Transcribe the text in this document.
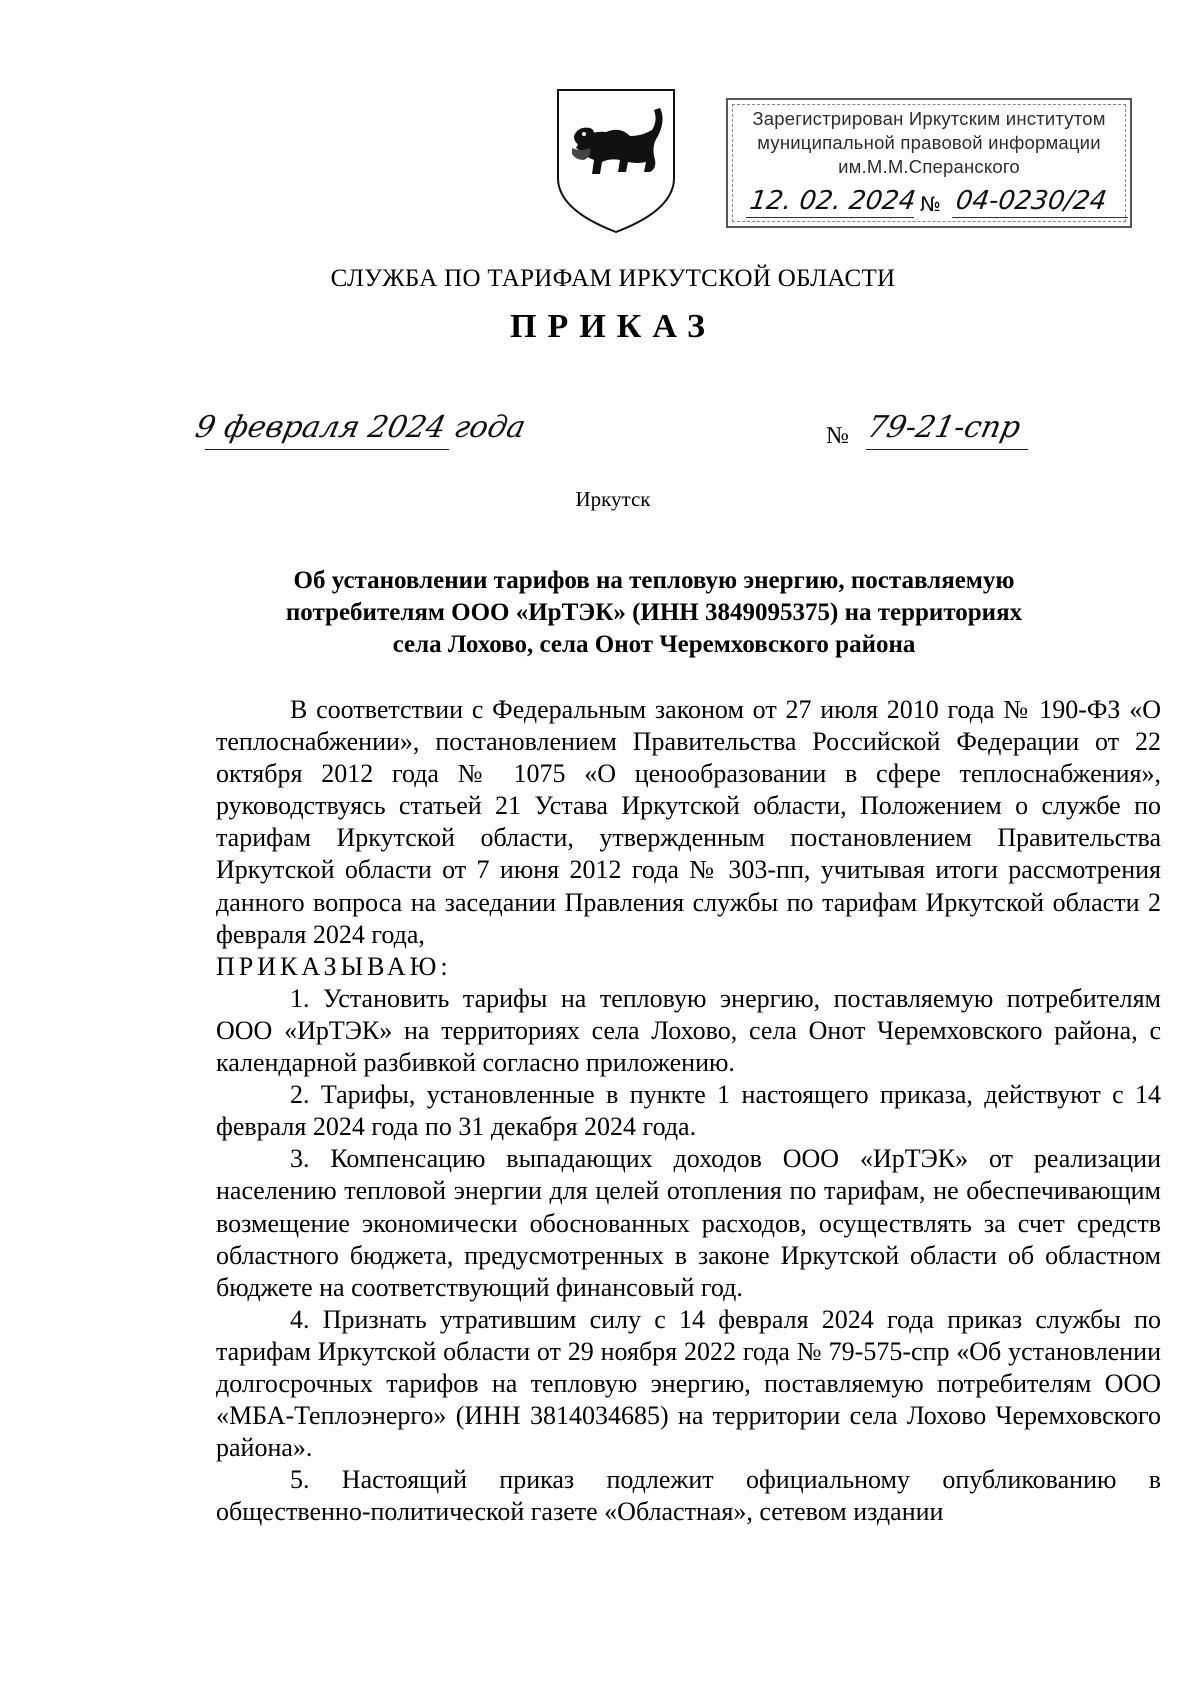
Зарегистрирован Иркутским институтом
муниципальной правовой информации
им.М.М.Сперанского
12. 02. 2024 № 04-0230/24
СЛУЖБА ПО ТАРИФАМ ИРКУТСКОЙ ОБЛАСТИ
ПРИКАЗ
9 февраля 2024 года	№ 79-21-спр
Иркутск
Об установлении тарифов на тепловую энергию, поставляемую
потребителям ООО «ИрТЭК» (ИНН 3849095375) на территориях
села Лохово, села Онот Черемховского района

В соответствии с Федеральным законом от 27 июля 2010 года № 190-ФЗ «О теплоснабжении», постановлением Правительства Российской Федерации от 22 октября 2012 года № 1075 «О ценообразовании в сфере теплоснабжения», руководствуясь статьей 21 Устава Иркутской области, Положением о службе по тарифам Иркутской области, утвержденным постановлением Правительства Иркутской области от 7 июня 2012 года № 303-пп, учитывая итоги рассмотрения данного вопроса на заседании Правления службы по тарифам Иркутской области 2 февраля 2024 года,

ПРИКАЗЫВАЮ:

1. Установить тарифы на тепловую энергию, поставляемую потребителям ООО «ИрТЭК» на территориях села Лохово, села Онот Черемховского района, с календарной разбивкой согласно приложению.

2. Тарифы, установленные в пункте 1 настоящего приказа, действуют с 14 февраля 2024 года по 31 декабря 2024 года.

3. Компенсацию выпадающих доходов ООО «ИрТЭК» от реализации населению тепловой энергии для целей отопления по тарифам, не обеспечивающим возмещение экономически обоснованных расходов, осуществлять за счет средств областного бюджета, предусмотренных в законе Иркутской области об областном бюджете на соответствующий финансовый год.

4. Признать утратившим силу с 14 февраля 2024 года приказ службы по тарифам Иркутской области от 29 ноября 2022 года № 79-575-спр «Об установлении долгосрочных тарифов на тепловую энергию, поставляемую потребителям ООО «МБА-Теплоэнерго» (ИНН 3814034685) на территории села Лохово Черемховского района».

5. Настоящий приказ подлежит официальному опубликованию в общественно-политической газете «Областная», сетевом издании
